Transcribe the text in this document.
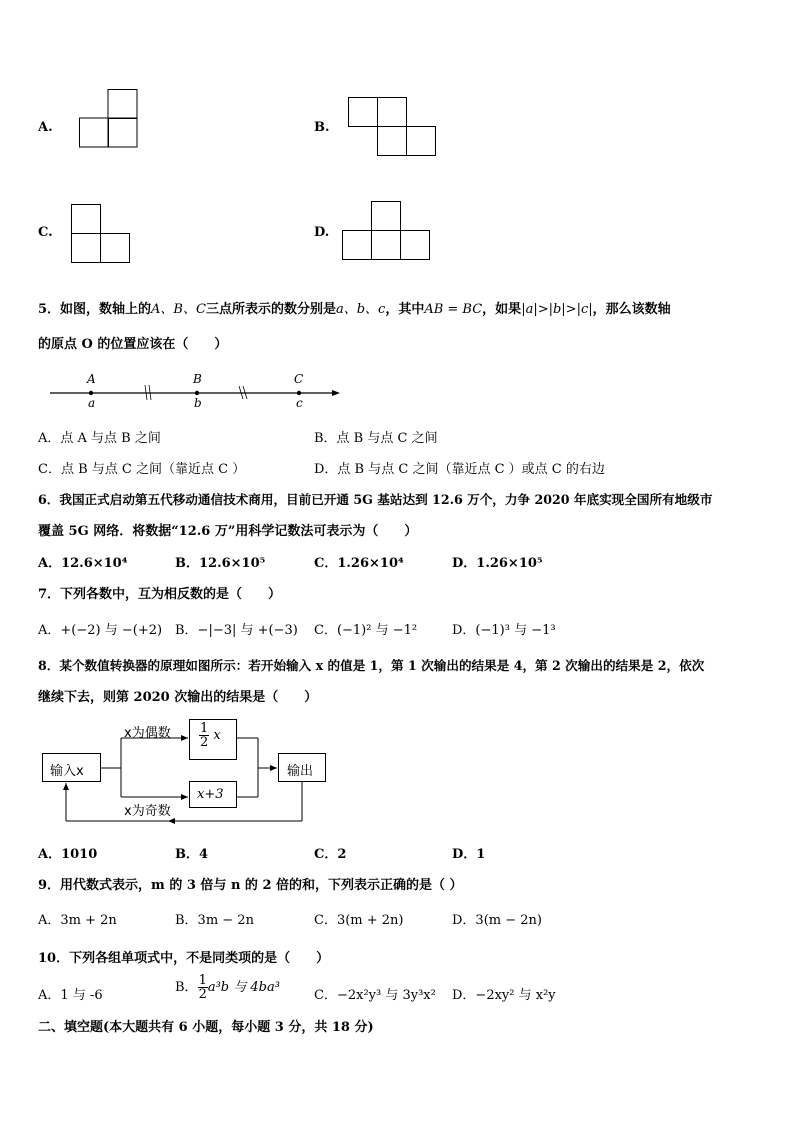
A.	B.
C.	D.
5．如图，数轴上的A、B、C三点所表示的数分别是a、b、c，其中AB = BC，如果|a|>|b|>|c|，那么该数轴
的原点 O 的位置应该在（　　）
A	B	C
a	b	c
A．点 A 与点 B 之间	B．点 B 与点 C 之间
C．点 B 与点 C 之间（靠近点 C ）	D．点 B 与点 C 之间（靠近点 C ）或点 C 的右边
6．我国正式启动第五代移动通信技术商用，目前已开通 5G 基站达到 12.6 万个，力争 2020 年底实现全国所有地级市
覆盖 5G 网络．将数据“12.6 万”用科学记数法可表示为（　　）
A．12.6×10⁴	B．12.6×10⁵	C．1.26×10⁴	D．1.26×10⁵
7．下列各数中，互为相反数的是（　　）
A．+(−2) 与 −(+2) B．−|−3| 与 +(−3) C．(−1)² 与 −1²	D．(−1)³ 与 −1³
8．某个数值转换器的原理如图所示：若开始输入 x 的值是 1，第 1 次输出的结果是 4，第 2 次输出的结果是 2，依次
继续下去，则第 2020 次输出的结果是（　　）
输入x
x为偶数
x为奇数
$\frac{1}{2}$ x
x+3
输出
A．1010	B．4	C．2	D．1
9．用代数式表示，m 的 3 倍与 n 的 2 倍的和，下列表示正确的是（ ）
A．3m + 2n	B．3m − 2n	C．3(m + 2n)	D．3(m − 2n)
10．下列各组单项式中，不是同类项的是（　　）
A．1 与 -6
B． $\frac{1}{2} a^3b$ 与 4ba³
C．−2x²y³ 与 3y³x² D．−2xy² 与 x²y
二、填空题(本大题共有 6 小题，每小题 3 分，共 18 分)
